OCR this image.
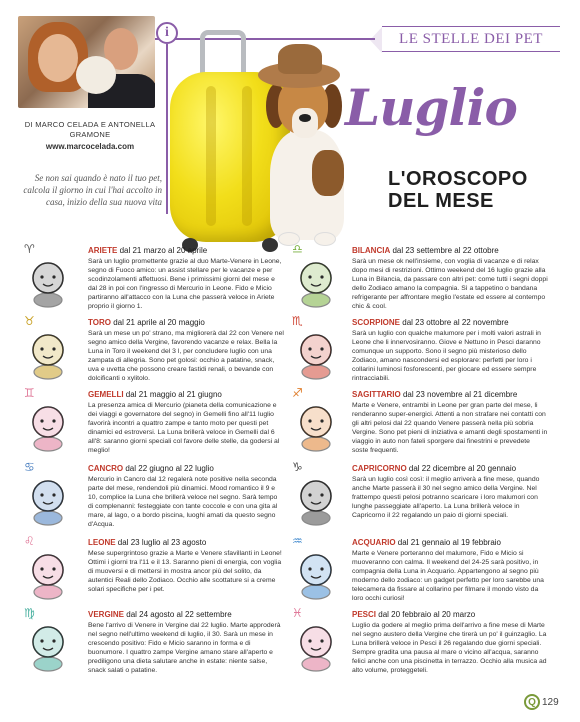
LE STELLE DEI PET
i
DI MARCO CELADA E ANTONELLA GRAMONE
www.marcocelada.com
Se non sai quando è nato il tuo pet, calcola il giorno in cui l'hai accolto in casa, inizio della sua nuova vita
Luglio
L'OROSCOPO
DEL MESE
♈	ARIETE dal 21 marzo al 20 aprile
Sarà un luglio promettente grazie al duo Marte-Venere in Leone, segno di Fuoco amico: un assist stellare per le vacanze e per scodinzolamenti affettuosi. Bene i primissimi giorni del mese e dal 28 in poi con l'ingresso di Mercurio in Leone. Fido e Micio partiranno all'attacco con la Luna che passerà veloce in Ariete proprio il giorno 1.
♉	TORO dal 21 aprile al 20 maggio
Sarà un mese un po' strano, ma migliorerà dal 22 con Venere nel segno amico della Vergine, favorendo vacanze e relax. Bella la Luna in Toro il weekend del 3 l, per concludere luglio con una zampata di allegria. Sono pet golosi: occhio a patatine, snack, uva e uvetta che possono creare fastidi renali, o bevande con dolcificanti o xylitolo.
♊	GEMELLI dal 21 maggio al 21 giugno
La presenza amica di Mercurio (pianeta della comunicazione e dei viaggi e governatore del segno) in Gemelli fino all'11 luglio favorirà incontri a quattro zampe e tanto moto per questi pet dinamici ed estroversi. La Luna brillerà veloce in Gemelli dal 6 all'8: saranno giorni speciali col favore delle stelle, da godersi al meglio!
♋	CANCRO dal 22 giugno al 22 luglio
Mercurio in Cancro dal 12 regalerà note positive nella seconda parte del mese, rendendoli più dinamici. Mood romantico il 9 e 10, complice la Luna che brillerà veloce nel segno. Sarà tempo di complenanni: festeggiate con tante coccole e con una gita al mare, al lago, o a bordo piscina, luoghi amati da questo segno d'Acqua.
♌	LEONE dal 23 luglio al 23 agosto
Mese supergrintoso grazie a Marte e Venere sfavillanti in Leone! Ottimi i giorni tra l'11 e il 13. Saranno pieni di energia, con voglia di muoversi e di mettersi in mostra ancor più del solito, da autentici Reali dello Zodiaco. Occhio alle scottature si a creme solari specifiche per i pet.
♍	VERGINE dal 24 agosto al 22 settembre
Bene l'arrivo di Venere in Vergine dal 22 luglio. Marte approderà nel segno nell'ultimo weekend di luglio, il 30. Sarà un mese in crescendo positivo: Fido e Micio saranno in forma e di buonumore. I quattro zampe Vergine amano stare all'aperto e prediligono una dieta salutare anche in estate: niente salse, snack salati o patatine.
♎	BILANCIA dal 23 settembre al 22 ottobre
Sarà un mese ok nell'insieme, con voglia di vacanze e di relax dopo mesi di restrizioni. Ottimo weekend del 16 luglio grazie alla Luna in Bilancia, da passare con altri pet: come tutti i segni doppi dello Zodiaco amano la compagnia. Sì a tappetino o bandana refrigerante per affrontare meglio l'estate ed essere al contempo chic & cool.
♏	SCORPIONE dal 23 ottobre al 22 novembre
Sarà un luglio con qualche malumore per i molti valori astrali in Leone che li innervosiranno. Giove e Nettuno in Pesci daranno comunque un supporto. Sono il segno più misterioso dello Zodiaco, amano nascondersi ed esplorare: perfetti per loro i collarini luminosi fosforescenti, per giocare ed essere sempre rintracciabili.
♐	SAGITTARIO dal 23 novembre al 21 dicembre
Marte e Venere, entrambi in Leone per gran parte del mese, li renderanno super-energici. Attenti a non strafare nei contatti con gli altri pelosi dal 22 quando Venere passerà nella più sobria Vergine. Sono pet pieni di iniziativa e amanti degli spostamenti in viaggio in auto non fateli sporgere dai finestrini e prevedete soste frequenti.
♑	CAPRICORNO dal 22 dicembre al 20 gennaio
Sarà un luglio così così: il meglio arriverà a fine mese, quando anche Marte passerà il 30 nel segno amico della Vergine. Nel frattempo questi pelosi potranno scaricare i loro malumori con lunghe passeggiate all'aperto. La Luna brillerà veloce in Capricorno il 22 regalando un paio di giorni speciali.
♒	ACQUARIO dal 21 gennaio al 19 febbraio
Marte e Venere porteranno del malumore, Fido e Micio si muoveranno con calma. Il weekend del 24-25 sarà positivo, in compagnia della Luna in Acquario. Appartengono al segno più moderno dello zodiaco: un gadget perfetto per loro sarebbe una telecamera da fissare al collarino per filmare il mondo visto da loro occhi curiosi!
♓	PESCI dal 20 febbraio al 20 marzo
Luglio da godere al meglio prima dell'arrivo a fine mese di Marte nel segno austero della Vergine che tirerà un po' il guinzaglio. La Luna brillerà veloce in Pesci il 26 regalando due giorni speciali. Sempre gradita una pausa al mare o vicino all'acqua, saranno felici anche con una piscinetta in terrazzo. Occhio alla musica ad alto volume, proteggeteli.
Q 129
